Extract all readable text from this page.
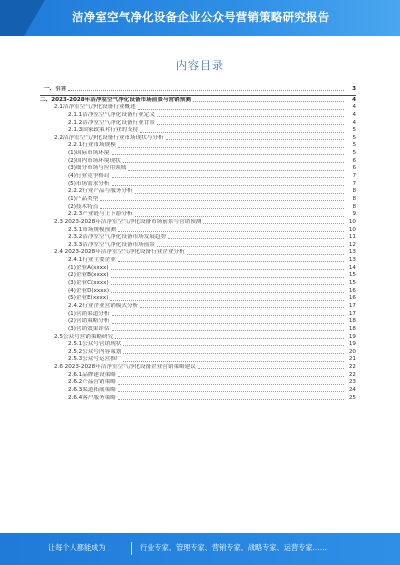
洁净室空气净化设备企业公众号营销策略研究报告
内容目录
一、引言	3
二、2023-2028年洁净室空气净化设备市场前景与营销预测	4
2.1洁净室空气净化设备行业概述	4
2.1.1洁净室空气净化设备行业定义	4
2.1.2洁净室空气净化设备行业背景	4
2.1.3国家政策对行业的支持	5
2.2洁净室空气净化设备行业市场现状与分析	5
2.2.1行业市场规模	5
(1)国际市场环境	5
(2)国内市场环境现状	6
(3)细分市场与应用领域	6
(4)行业竞争格局	7
(5)市场需求分析	7
2.2.2行业产品与服务分析	8
(1)产品类型	8
(2)技术特点	8
2.2.3产业链与上下游分析	9
2.3 2023-2028年洁净室空气净化设备市场前景与营销预测	10
2.3.1市场规模预测	10
2.3.2洁净室空气净化设备市场发展趋势	11
2.3.3洁净室空气净化设备市场前景	12
2.4 2023-2028年洁净室空气净化设备行业企业分析	13
2.4.1行业主要企业	13
(1)企业A(xxxx)	14
(2)企业B(xxxx)	15
(3)企业C(xxxx)	15
(4)企业D(xxxx)	16
(5)企业E(xxxx)	16
2.4.2行业企业营销模式分析	17
(1)营销渠道分析	17
(2)营销策略分析	18
(3)营销效果评估	18
2.5公众号营销策略研究	19
2.5.1公众号营销现状	19
2.5.2公众号内容策划	20
2.5.3公众号运营推广	21
2.6 2023-2028年洁净室空气净化设备企业营销策略建议	22
2.6.1品牌建设策略	22
2.6.2产品营销策略	23
2.6.3渠道拓展策略	24
2.6.4客户服务策略	25
让每个人都能成为	行业专家、管理专家、营销专家、战略专家、运营专家……
